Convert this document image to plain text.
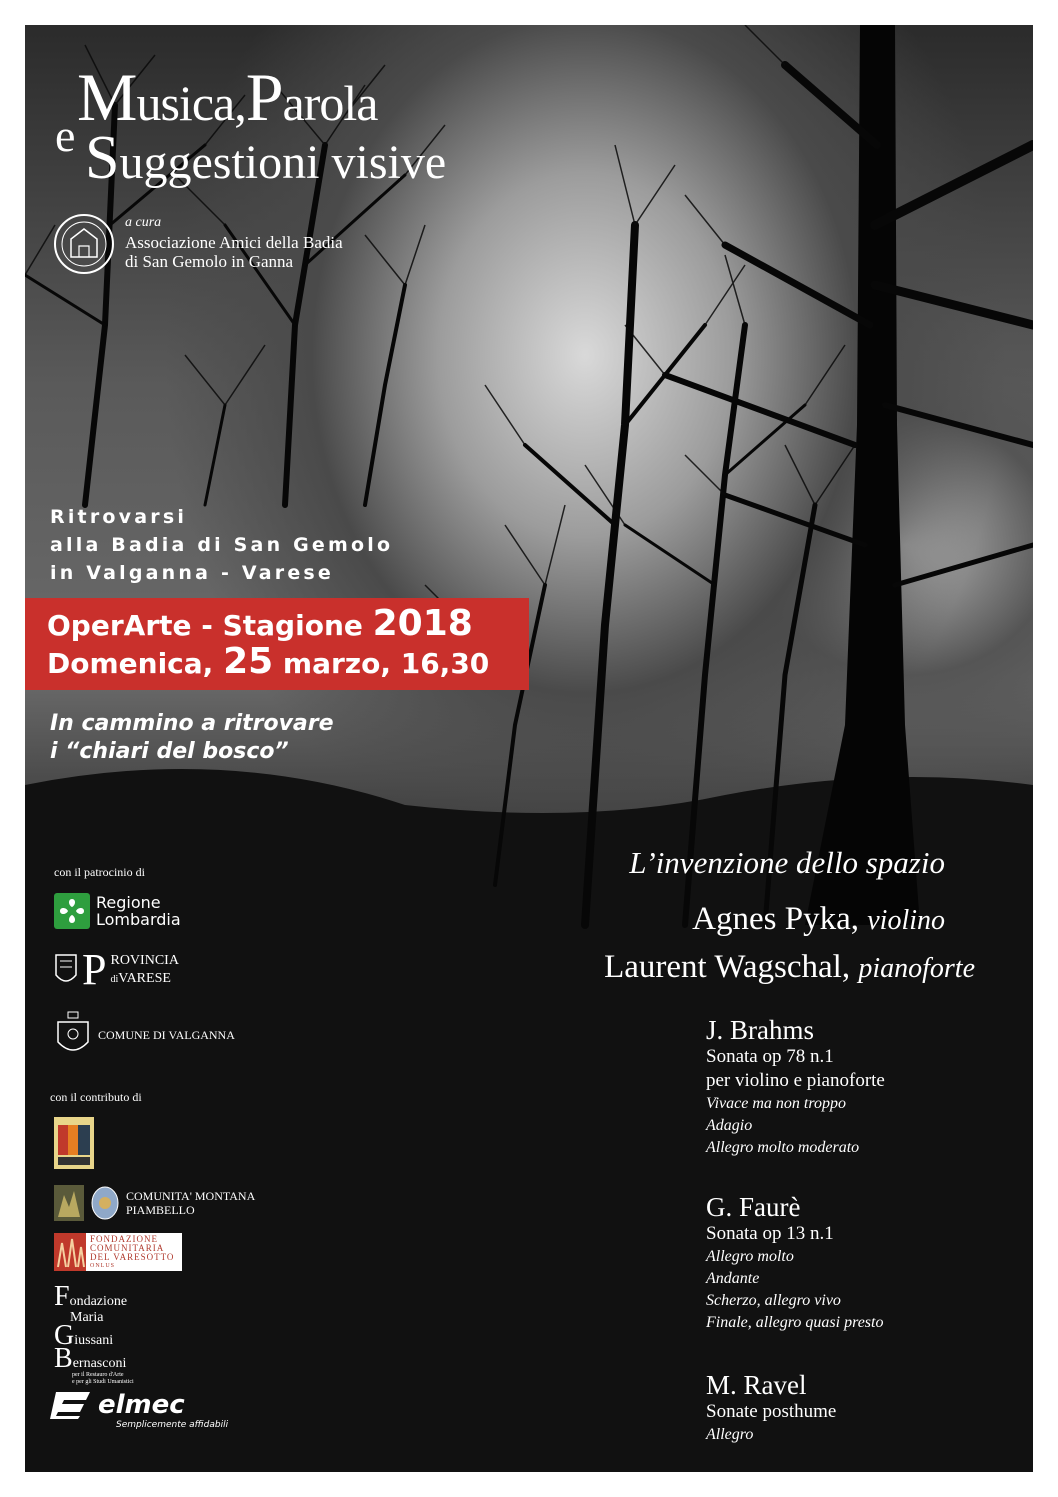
Musica,Parola
e Suggestioni visive
a cura
Associazione Amici della Badia
di San Gemolo in Ganna
Ritrovarsi
alla Badia di San Gemolo
in Valganna - Varese
OperArte - Stagione 2018
Domenica, 25 marzo, 16,30
In cammino a ritrovare
i “chiari del bosco”
con il patrocinio di
Regione
Lombardia
P ROVINCIA
diVARESE
COMUNE DI VALGANNA
con il contributo di
COMUNITA' MONTANA
PIAMBELLO
FONDAZIONE
COMUNITARIA
DEL VARESOTTO
ONLUS
Fondazione
Maria
Giussani
Bernasconi
per il Restauro d'Arte
e per gli Studi Umanistici
elmec
Semplicemente affidabili
L’invenzione dello spazio
Agnes Pyka, violino
Laurent Wagschal, pianoforte
J. Brahms
Sonata op 78 n.1
per violino e pianoforte
Vivace ma non troppo
Adagio
Allegro molto moderato
G. Faurè
Sonata op 13 n.1
Allegro molto
Andante
Scherzo, allegro vivo
Finale, allegro quasi presto
M. Ravel
Sonate posthume
Allegro
